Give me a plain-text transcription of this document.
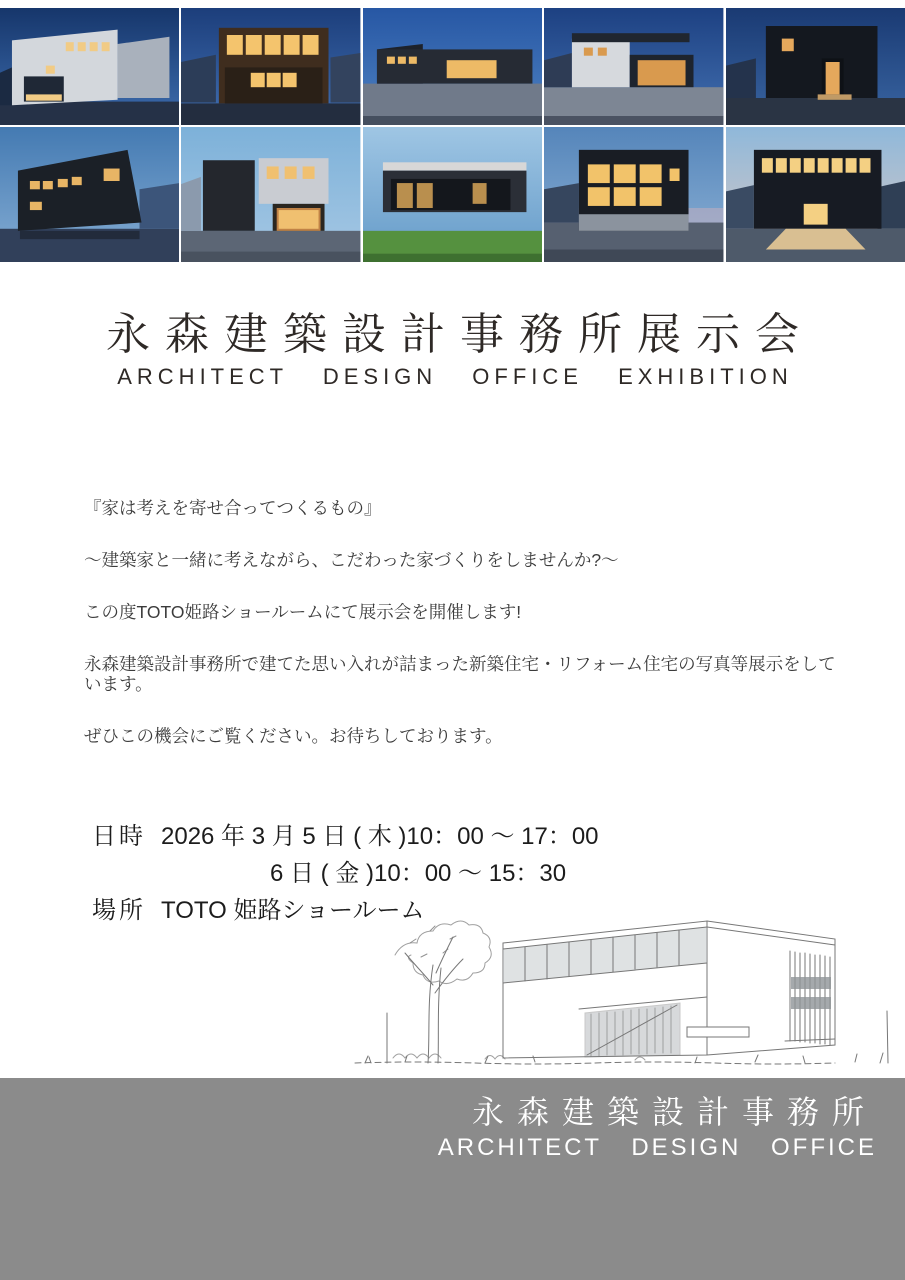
永森建築設計事務所展示会
ARCHITECT DESIGN OFFICE EXHIBITION

『家は考えを寄せ合ってつくるもの』

～建築家と一緒に考えながら、こだわった家づくりをしませんか?～

この度TOTO姫路ショールームにて展示会を開催します!

永森建築設計事務所で建てた思い入れが詰まった新築住宅・リフォーム住宅の写真等展示をしています。

ぜひこの機会にご覧ください。お待ちしております。

日時 2026 年 3 月 5 日 ( 木 )10：00 ～ 17：00
6 日 ( 金 )10：00 ～ 15：30
場所 TOTO 姫路ショールーム

永森建築設計事務所

ARCHITECT DESIGN OFFICE
